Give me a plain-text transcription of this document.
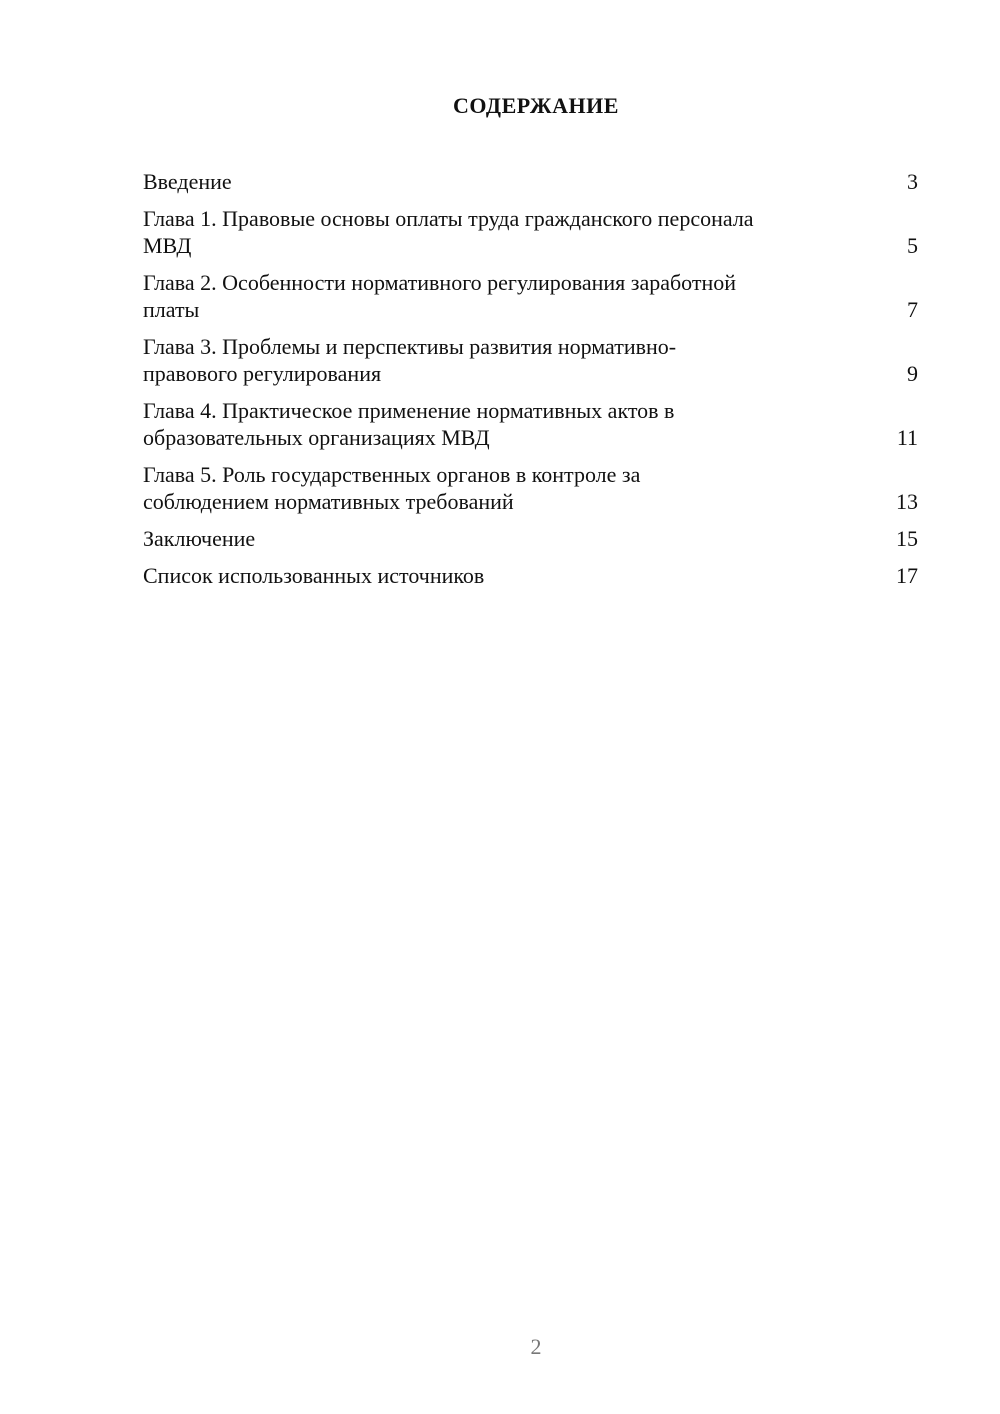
СОДЕРЖАНИЕ
Введение	3
Глава 1. Правовые основы оплаты труда гражданского персонала МВД	5
Глава 2. Особенности нормативного регулирования заработной платы	7
Глава 3. Проблемы и перспективы развития нормативно-правового регулирования	9
Глава 4. Практическое применение нормативных актов в образовательных организациях МВД	11
Глава 5. Роль государственных органов в контроле за соблюдением нормативных требований	13
Заключение	15
Список использованных источников	17
2
